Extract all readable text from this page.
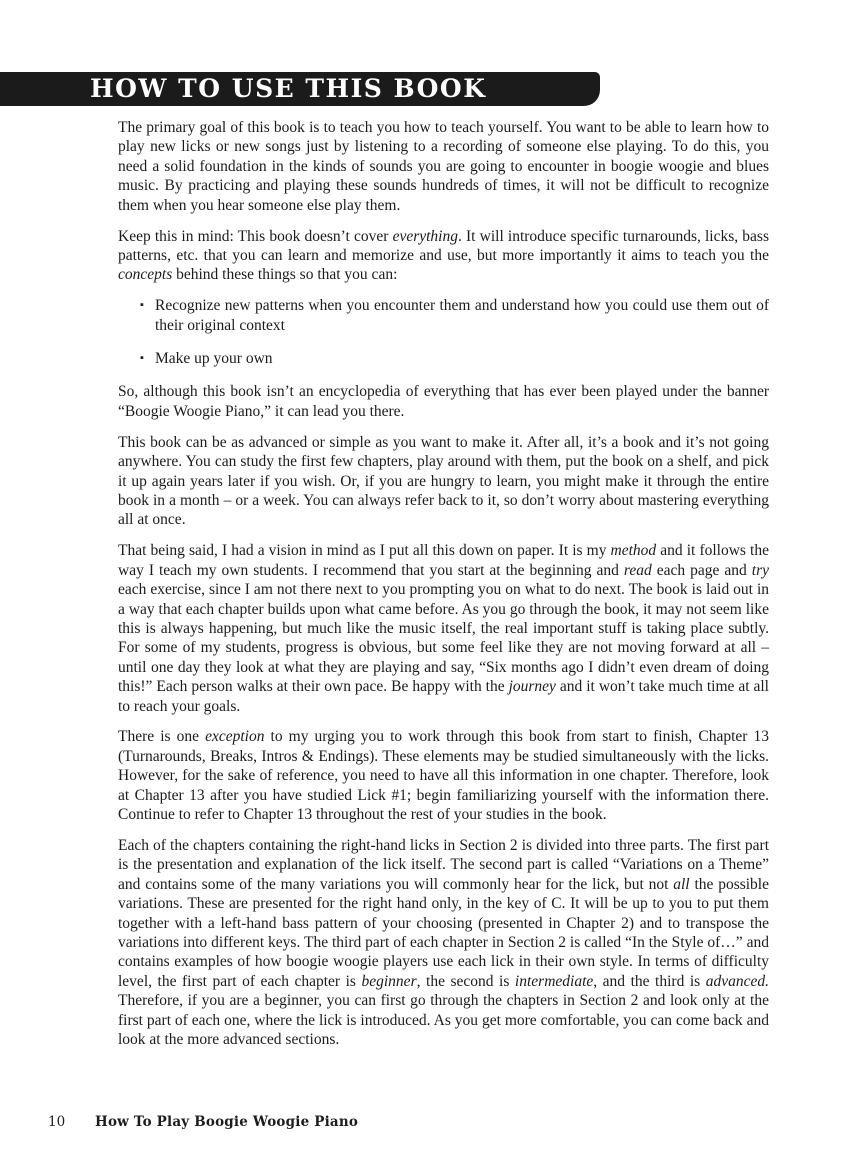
HOW TO USE THIS BOOK

The primary goal of this book is to teach you how to teach yourself. You want to be able to learn how to play new licks or new songs just by listening to a recording of someone else playing. To do this, you need a solid foundation in the kinds of sounds you are going to encounter in boogie woogie and blues music. By practicing and playing these sounds hundreds of times, it will not be difficult to recognize them when you hear someone else play them.

Keep this in mind: This book doesn’t cover everything. It will introduce specific turnarounds, licks, bass patterns, etc. that you can learn and memorize and use, but more importantly it aims to teach you the concepts behind these things so that you can:

▪ Recognize new patterns when you encounter them and understand how you could use them out of their original context
▪ Make up your own

So, although this book isn’t an encyclopedia of everything that has ever been played under the banner “Boogie Woogie Piano,” it can lead you there.

This book can be as advanced or simple as you want to make it. After all, it’s a book and it’s not going anywhere. You can study the first few chapters, play around with them, put the book on a shelf, and pick it up again years later if you wish. Or, if you are hungry to learn, you might make it through the entire book in a month – or a week. You can always refer back to it, so don’t worry about mastering everything all at once.

That being said, I had a vision in mind as I put all this down on paper. It is my method and it follows the way I teach my own students. I recommend that you start at the beginning and read each page and try each exercise, since I am not there next to you prompting you on what to do next. The book is laid out in a way that each chapter builds upon what came before. As you go through the book, it may not seem like this is always happening, but much like the music itself, the real important stuff is taking place subtly. For some of my students, progress is obvious, but some feel like they are not moving forward at all – until one day they look at what they are playing and say, “Six months ago I didn’t even dream of doing this!” Each person walks at their own pace. Be happy with the journey and it won’t take much time at all to reach your goals.

There is one exception to my urging you to work through this book from start to finish, Chapter 13 (Turnarounds, Breaks, Intros & Endings). These elements may be studied simultaneously with the licks. However, for the sake of reference, you need to have all this information in one chapter. Therefore, look at Chapter 13 after you have studied Lick #1; begin familiarizing yourself with the information there. Continue to refer to Chapter 13 throughout the rest of your studies in the book.

Each of the chapters containing the right-hand licks in Section 2 is divided into three parts. The first part is the presentation and explanation of the lick itself. The second part is called “Variations on a Theme” and contains some of the many variations you will commonly hear for the lick, but not all the possible variations. These are presented for the right hand only, in the key of C. It will be up to you to put them together with a left-hand bass pattern of your choosing (presented in Chapter 2) and to transpose the variations into different keys. The third part of each chapter in Section 2 is called “In the Style of…” and contains examples of how boogie woogie players use each lick in their own style. In terms of difficulty level, the first part of each chapter is beginner, the second is intermediate, and the third is advanced. Therefore, if you are a beginner, you can first go through the chapters in Section 2 and look only at the first part of each one, where the lick is introduced. As you get more comfortable, you can come back and look at the more advanced sections.

10	How To Play Boogie Woogie Piano
